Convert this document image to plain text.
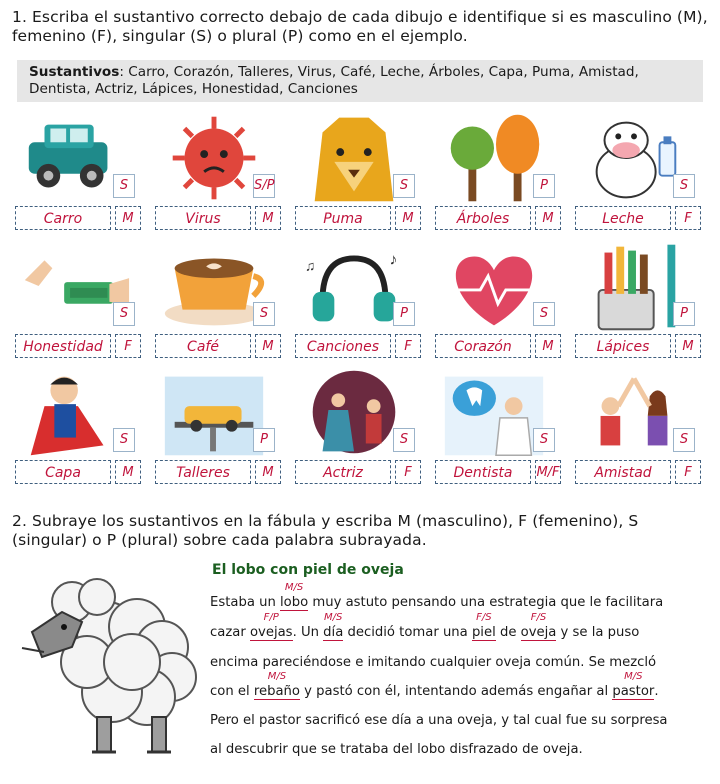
1. Escriba el sustantivo correcto debajo de cada dibujo e identifique si es masculino (M), femenino (F), singular (S) o plural (P) como en el ejemplo.
Sustantivos: Carro, Corazón, Talleres, Virus, Café, Leche, Árboles, Capa, Puma, Amistad, Dentista, Actriz, Lápices, Honestidad, Canciones
S
Carro	M
S/P
Virus	M
S
Puma	M
P
Árboles	M
S
Leche	F
S
Honestidad	F
S
Café	M
♪
♫
P
Canciones	F
S
Corazón	M
P
Lápices	M
S
Capa	M
P
Talleres	M
S
Actriz	F
S
Dentista	M/F
S
Amistad	F
2. Subraye los sustantivos en la fábula y escriba M (masculino), F (femenino), S (singular) o P (plural) sobre cada palabra subrayada.
El lobo con piel de oveja
Estaba un lobo
M/S
muy astuto pensando una estrategia que le facilitara
cazar ovejas
F/P
. Un día
M/S
decidió tomar una piel
F/S
de oveja
F/S
y se la puso
encima pareciéndose e imitando cualquier oveja común. Se mezcló
con el rebaño
M/S
y pastó con él, intentando además engañar al pastor
M/S
.
Pero el pastor sacrificó ese día a una oveja, y tal cual fue su sorpresa
al descubrir que se trataba del lobo disfrazado de oveja.
